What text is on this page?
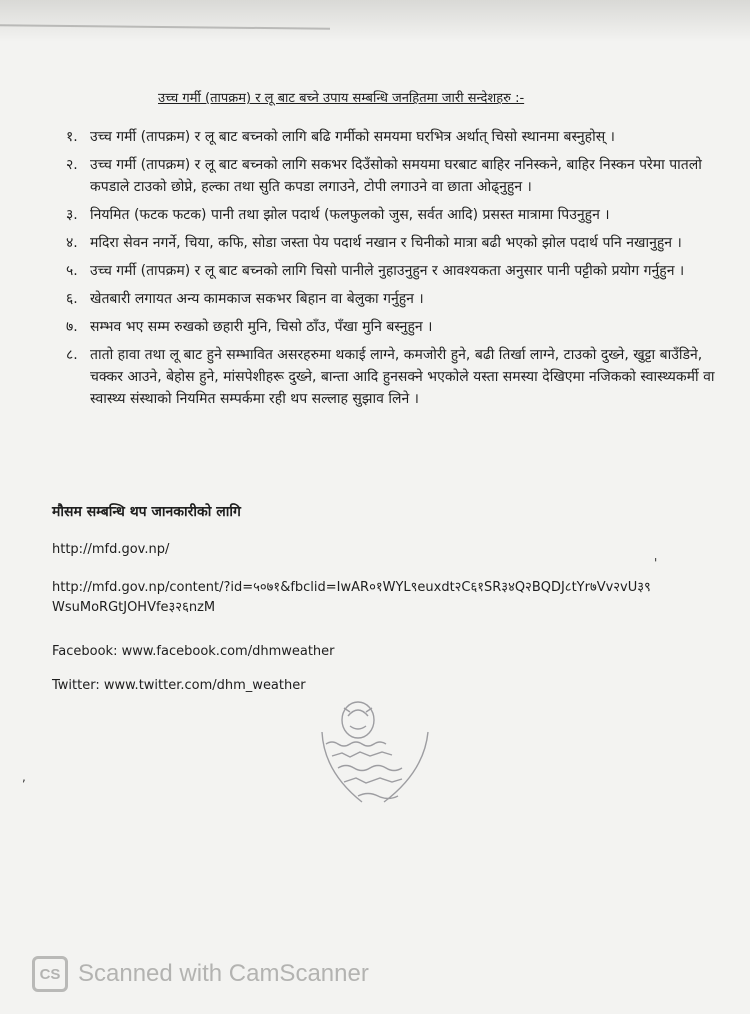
उच्च गर्मी (तापक्रम) र लू बाट बच्ने उपाय सम्बन्धि जनहितमा जारी सन्देशहरु :-
१. उच्च गर्मी (तापक्रम) र लू बाट बच्नको लागि बढि गर्मीको समयमा घरभित्र अर्थात् चिसो स्थानमा बस्नुहोस् ।
२. उच्च गर्मी (तापक्रम) र लू बाट बच्नको लागि सकभर दिउँसोको समयमा घरबाट बाहिर ननिस्कने, बाहिर निस्कन परेमा पातलो कपडाले टाउको छोप्ने, हल्का तथा सुति कपडा लगाउने, टोपी लगाउने वा छाता ओढ्नुहुन ।
३. नियमित (फटक फटक) पानी तथा झोल पदार्थ (फलफुलको जुस, सर्वत आदि) प्रसस्त मात्रामा पिउनुहुन ।
४. मदिरा सेवन नगर्ने, चिया, कफि, सोडा जस्ता पेय पदार्थ नखान र चिनीको मात्रा बढी भएको झोल पदार्थ पनि नखानुहुन ।
५. उच्च गर्मी (तापक्रम) र लू बाट बच्नको लागि चिसो पानीले नुहाउनुहुन र आवश्यकता अनुसार पानी पट्टीको प्रयोग गर्नुहुन ।
६. खेतबारी लगायत अन्य कामकाज सकभर बिहान वा बेलुका गर्नुहुन ।
७. सम्भव भए सम्म रुखको छहारी मुनि, चिसो ठाँउ, पँखा मुनि बस्नुहुन ।
८. तातो हावा तथा लू बाट हुने सम्भावित असरहरुमा थकाई लाग्ने, कमजोरी हुने, बढी तिर्खा लाग्ने, टाउको दुख्ने, खुट्टा बाउँडिने, चक्कर आउने, बेहोस हुने, मांसपेशीहरू दुख्ने, बान्ता आदि हुनसक्ने भएकोले यस्ता समस्या देखिएमा नजिकको स्वास्थ्यकर्मी वा स्वास्थ्य संस्थाको नियमित सम्पर्कमा रही थप सल्लाह सुझाव लिने ।
मौसम सम्बन्धि थप जानकारीको लागि
http://mfd.gov.np/
http://mfd.gov.np/content/?id=५०७१&fbclid=IwAR०१WYL९euxdt२C६१SR३४Q२BQDJ८tYr७Vv२vU३९ WsuMoRGtJOHVfe३२६nzM
Facebook: www.facebook.com/dhmweather
Twitter: www.twitter.com/dhm_weather
'
,
CS Scanned with CamScanner
